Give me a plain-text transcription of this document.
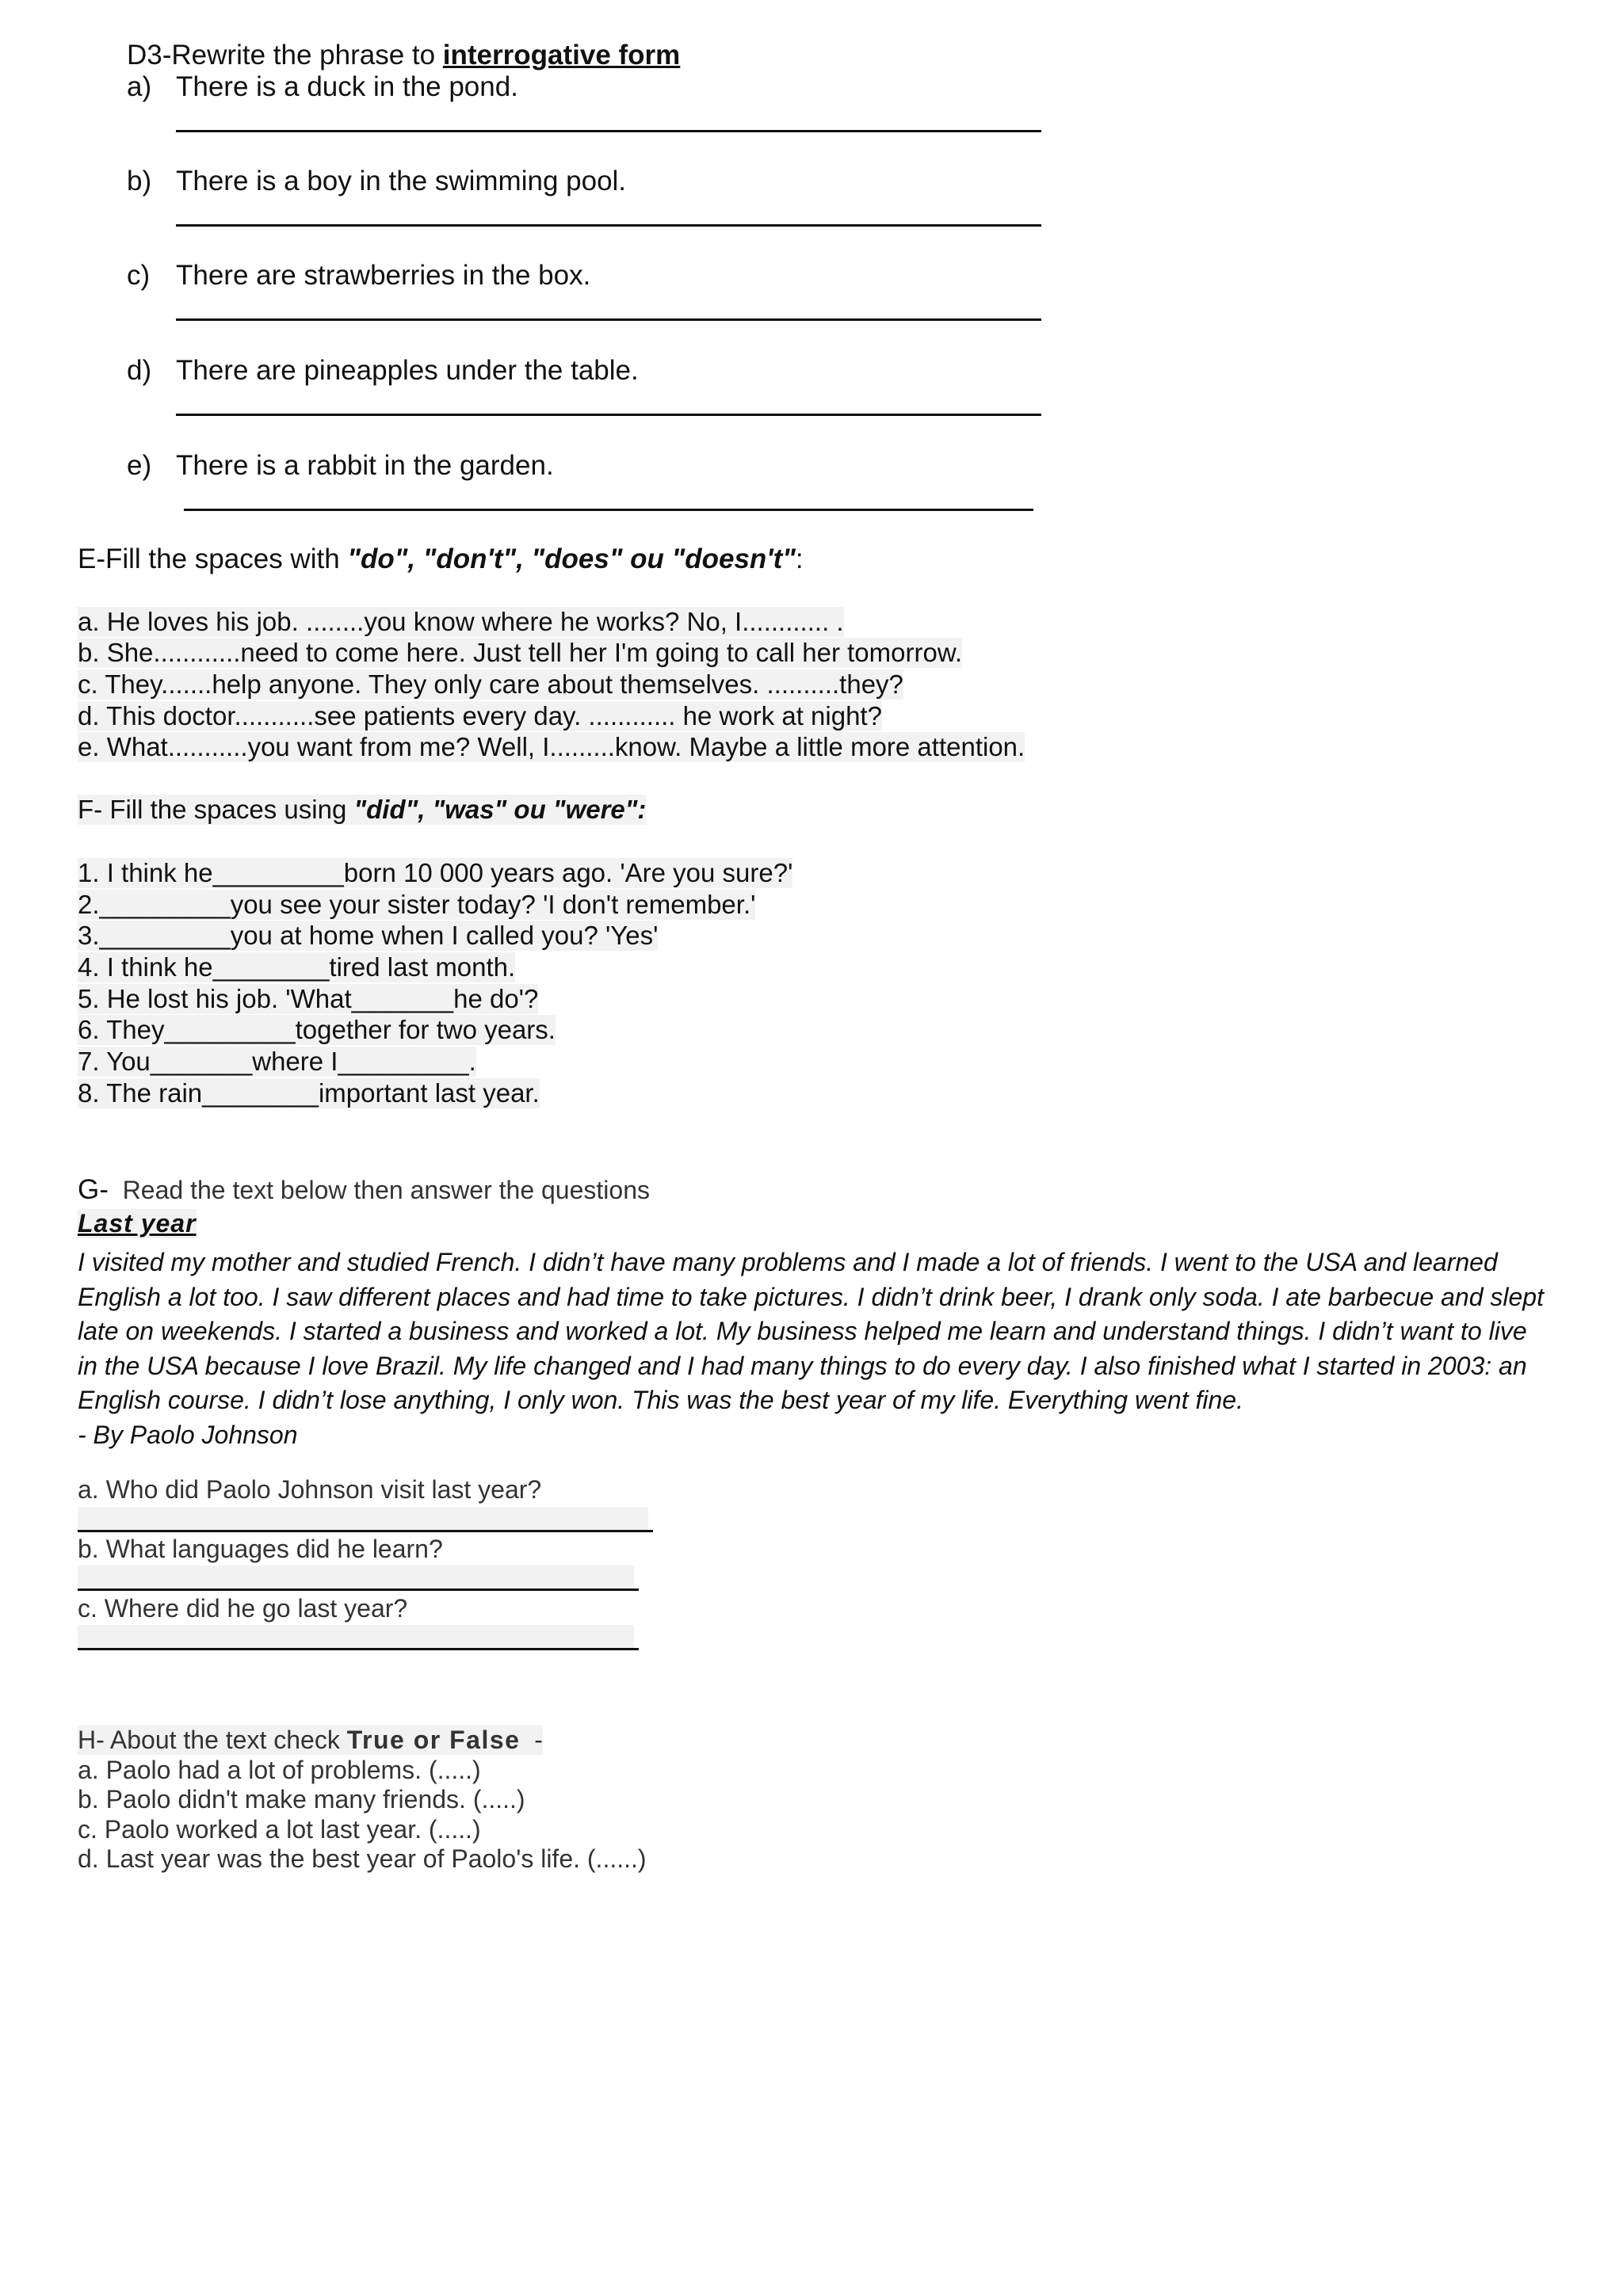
D3-Rewrite the phrase to interrogative form
a) There is a duck in the pond.
b) There is a boy in the swimming pool.
c) There are strawberries in the box.
d) There are pineapples under the table.
e) There is a rabbit in the garden.
E-Fill the spaces with "do", "don't", "does" ou "doesn't":
a. He loves his job. ........you know where he works? No, I............ .
b. She............need to come here. Just tell her I'm going to call her tomorrow.
c. They.......help anyone. They only care about themselves. ..........they?
d. This doctor...........see patients every day. ............ he work at night?
e. What...........you want from me? Well, I.........know. Maybe a little more attention.
F- Fill the spaces using "did", "was" ou "were":
1. I think he_________born 10 000 years ago. 'Are you sure?'
2._________you see your sister today? 'I don't remember.'
3._________you at home when I called you? 'Yes'
4. I think he________tired last month.
5. He lost his job. 'What_______he do'?
6. They_________together for two years.
7. You_______where I_________.
8. The rain________important last year.
G- Read the text below then answer the questions
Last year

I visited my mother and studied French. I didn’t have many problems and I made a lot of friends. I went to the USA and learned

English a lot too. I saw different places and had time to take pictures. I didn’t drink beer, I drank only soda. I ate barbecue and slept

late on weekends. I started a business and worked a lot. My business helped me learn and understand things. I didn’t want to live

in the USA because I love Brazil. My life changed and I had many things to do every day. I also finished what I started in 2003: an

English course. I didn’t lose anything, I only won. This was the best year of my life. Everything went fine.

- By Paolo Johnson

a. Who did Paolo Johnson visit last year?
b. What languages did he learn?
c. Where did he go last year?
H- About the text check True or False  -
a. Paolo had a lot of problems. (.....)
b. Paolo didn't make many friends. (.....)
c. Paolo worked a lot last year. (.....)
d. Last year was the best year of Paolo's life. (......)
